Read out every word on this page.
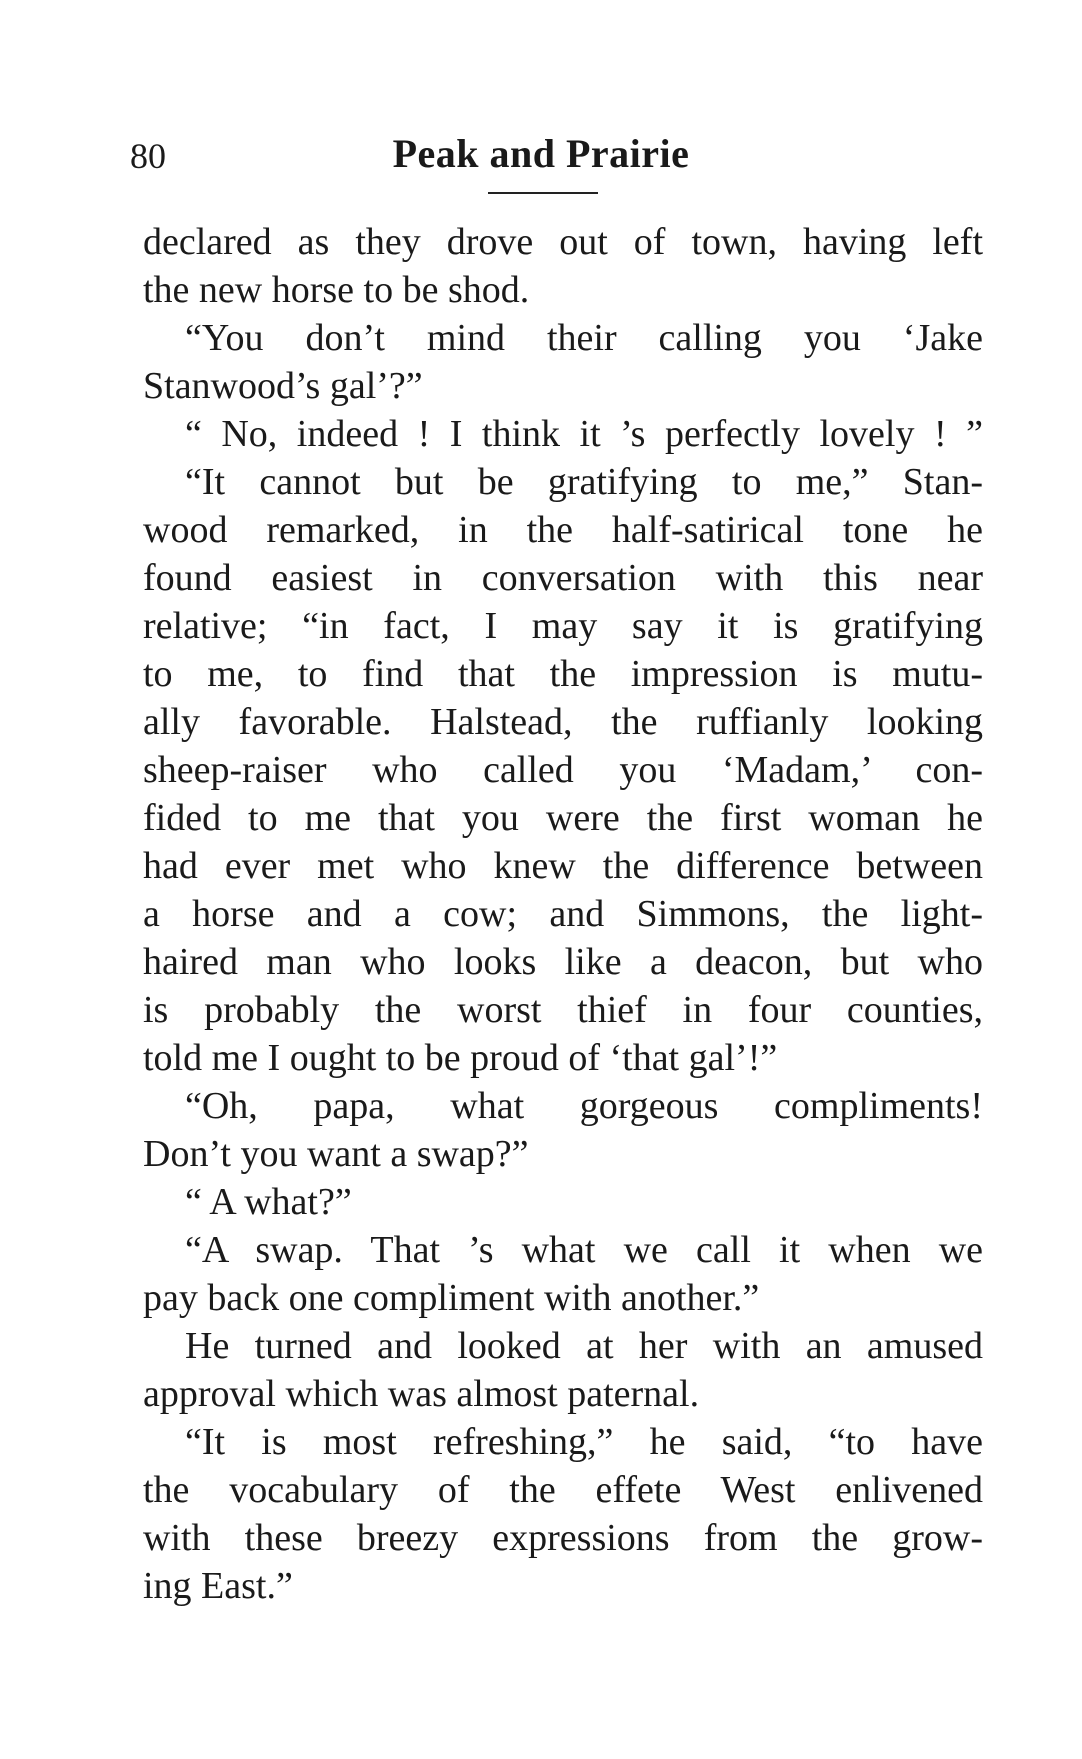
80	Peak and Prairie
declared as they drove out of town, having left
the new horse to be shod.
“You don’t mind their calling you ‘Jake
Stanwood’s gal’?”
“ No, indeed ! I think it ’s perfectly lovely ! ”
“It cannot but be gratifying to me,” Stan-
wood remarked, in the half-satirical tone he
found easiest in conversation with this near
relative; “in fact, I may say it is gratifying
to me, to find that the impression is mutu-
ally favorable. Halstead, the ruffianly looking
sheep-raiser who called you ‘Madam,’ con-
fided to me that you were the first woman he
had ever met who knew the difference between
a horse and a cow; and Simmons, the light-
haired man who looks like a deacon, but who
is probably the worst thief in four counties,
told me I ought to be proud of ‘that gal’!”
“Oh, papa, what gorgeous compliments!
Don’t you want a swap?”
“ A what?”
“A swap. That ’s what we call it when we
pay back one compliment with another.”
He turned and looked at her with an amused
approval which was almost paternal.
“It is most refreshing,” he said, “to have
the vocabulary of the effete West enlivened
with these breezy expressions from the grow-
ing East.”
